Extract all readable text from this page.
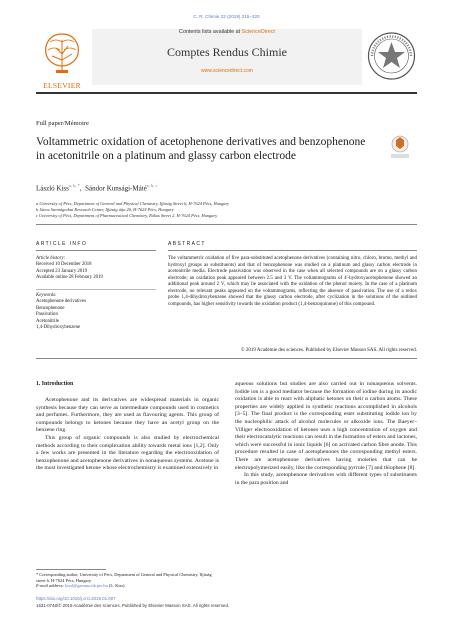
C. R. Chimie 22 (2019) 315–320
ELSEVIER
Contents lists available at ScienceDirect
Comptes Rendus Chimie
www.sciencedirect.com
Full paper/Mémoire
Voltammetric oxidation of acetophenone derivatives and benzophenone in acetonitrile on a platinum and glassy carbon electrode
László Kiss$^{a, b, *}$,  Sándor Kunsági-Máté$^{a, b, c}$
a University of Pécs, Department of General and Physical Chemistry, Ifjúság Street 6, H-7624 Pécs, Hungary
b János Szentágothai Research Center, Ifjúság útja 20, H-7624 Pécs, Hungary
c University of Pécs, Department of Pharmaceutical Chemistry, Rókus Street 2, H-7624 Pécs, Hungary
ARTICLE INFO	ABSTRACT
Article history:
Received 10 December 2018
Accepted 23 January 2019
Available online 28 February 2019
Keywords:
Acetophenone derivatives
Benzophenone
Passivation
Acetonitrile
1,4-Dihydroxybenzene
The voltammetric oxidation of five para-substituted acetophenone derivatives (containing nitro, chloro, bromo, methyl and hydroxyl groups as substituents) and that of benzophenone was studied on a platinum and glassy carbon electrode in acetonitrile media. Electrode passivation was observed in the case when all selected compounds are on a glassy carbon electrode; an oxidation peak appeared between 2.5 and 3 V. The voltammograms of 4'-hydroxyacetophenone showed an additional peak around 2 V, which may be associated with the oxidation of the phenol moiety. In the case of a platinum electrode, no relevant peaks appeared on the voltammograms, reflecting the absence of passivation. The use of a redox probe 1,4-dihydroxybenzene showed that the glassy carbon electrode, after cyclization in the solutions of the outlined compounds, has higher sensitivity towards the oxidation product (1,4-benzoquinone) of this compound.
© 2019 Académie des sciences. Published by Elsevier Masson SAS. All rights reserved.
1. Introduction

Acetophenone and its derivatives are widespread materials in organic synthesis because they can serve as intermediate compounds used in cosmetics and perfumes. Furthermore, they are used as flavouring agents. This group of compounds belongs to ketones because they have an acetyl group on the benzene ring.

This group of organic compounds is also studied by electrochemical methods according to their complexation ability towards metal ions [1,2]. Only a few works are presented in the literature regarding the electrooxidation of benzophenone and acetophenone derivatives in nonaqueous systems. Acetone is the most investigated ketone whose electrochemistry is examined extensively in

aqueous solutions but studies are also carried out in nonaqueous solvents. Iodide ion is a good mediator because the formation of iodine during its anodic oxidation is able to react with aliphatic ketones on their α carbon atoms. These properties are widely applied in synthetic reactions accomplished in alcohols [3–5]. The final product is the corresponding ester substituting iodide ion by the nucleophilic attack of alcohol molecules or alkoxide ions. The Baeyer–Villiger electrooxidation of ketones uses a high concentration of oxygen and their electrocatalytic reactions can result in the formation of esters and lactones, which were successful in ionic liquids [6] on activated carbon fibre anode. This procedure resulted in case of acetophenones the corresponding methyl esters. There are acetophenone derivatives having moieties that can be electropolymerized easily, like the corresponding pyrrole [7] and thiophene [8].

In this study, acetophenone derivatives with different types of substituents in the para position and

* Corresponding author. University of Pécs, Department of General and Physical Chemistry, Ifjúság street 6, H-7624 Pécs, Hungary.
E-mail address: kissl@gamma.ttk.pte.hu (L. Kiss).
https://doi.org/10.1016/j.crci.2019.01.007
1631-0748/© 2019 Académie des sciences. Published by Elsevier Masson SAS. All rights reserved.
